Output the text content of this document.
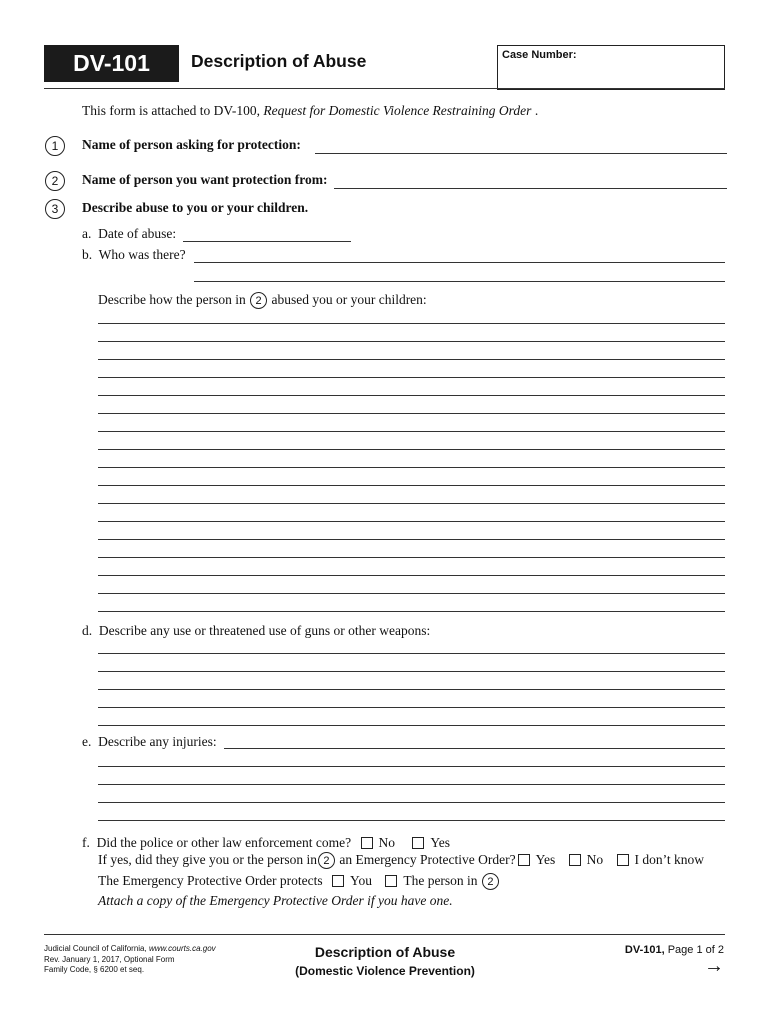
DV-101 Description of Abuse	Case Number:
This form is attached to DV-100, Request for Domestic Violence Restraining Order .
1	Name of person asking for protection:
2	Name of person you want protection from:
3	Describe abuse to you or your children.
a. Date of abuse:
b. Who was there?
Describe how the person in 2 abused you or your children:
d. Describe any use or threatened use of guns or other weapons:
e. Describe any injuries:
f. Did the police or other law enforcement come? No	Yes
If yes, did they give you or the person in 2 an Emergency Protective Order? Yes No I don’t know
The Emergency Protective Order protects You The person in 2
Attach a copy of the Emergency Protective Order if you have one.
Judicial Council of California, www.courts.ca.gov
Rev. January 1, 2017, Optional Form
Family Code, § 6200 et seq.
Description of Abuse
(Domestic Violence Prevention)
DV-101, Page 1 of 2
→
